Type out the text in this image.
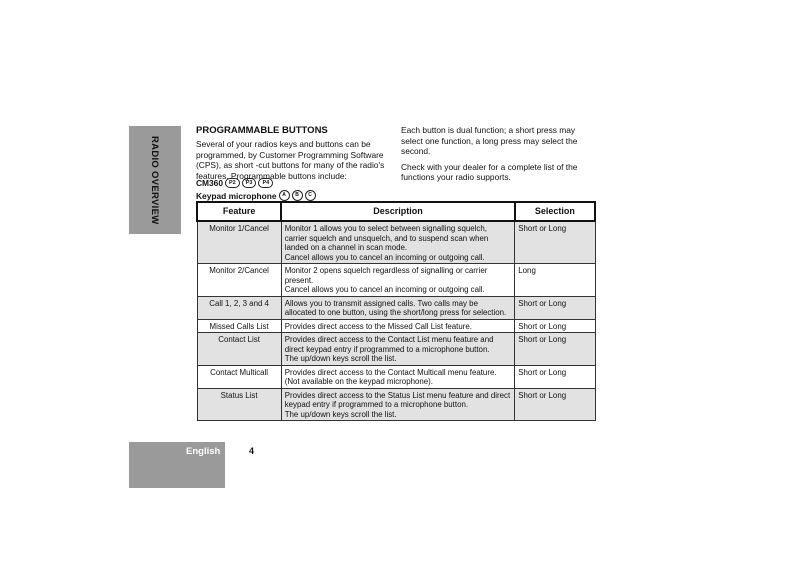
RADIO OVERVIEW
PROGRAMMABLE BUTTONS

Several of your radios keys and buttons can be programmed, by Customer Programming Software (CPS), as short -cut buttons for many of the radio's features. Programmable buttons include:

Each button is dual function; a short press may select one function, a long press may select the second.

Check with your dealer for a complete list of the functions your radio supports.

CM360	P2	P3	P4
Keypad microphone	A	B	C
Feature	Description	Selection
Monitor 1/Cancel	Monitor 1 allows you to select between signalling squelch, carrier squelch and unsquelch, and to suspend scan when landed on a channel in scan mode.
Cancel allows you to cancel an incoming or outgoing call.	Short or Long
Monitor 2/Cancel	Monitor 2 opens squelch regardless of signalling or carrier present.
Cancel allows you to cancel an incoming or outgoing call.	Long
Call 1, 2, 3 and 4	Allows you to transmit assigned calls. Two calls may be allocated to one button, using the short/long press for selection.	Short or Long
Missed Calls List	Provides direct access to the Missed Call List feature.	Short or Long
Contact List	Provides direct access to the Contact List menu feature and direct keypad entry if programmed to a microphone button.
The up/down keys scroll the list.	Short or Long
Contact Multicall	Provides direct access to the Contact Multicall menu feature.
(Not available on the keypad microphone).	Short or Long
Status List	Provides direct access to the Status List menu feature and direct keypad entry if programmed to a microphone button.
The up/down keys scroll the list.	Short or Long
English	4
